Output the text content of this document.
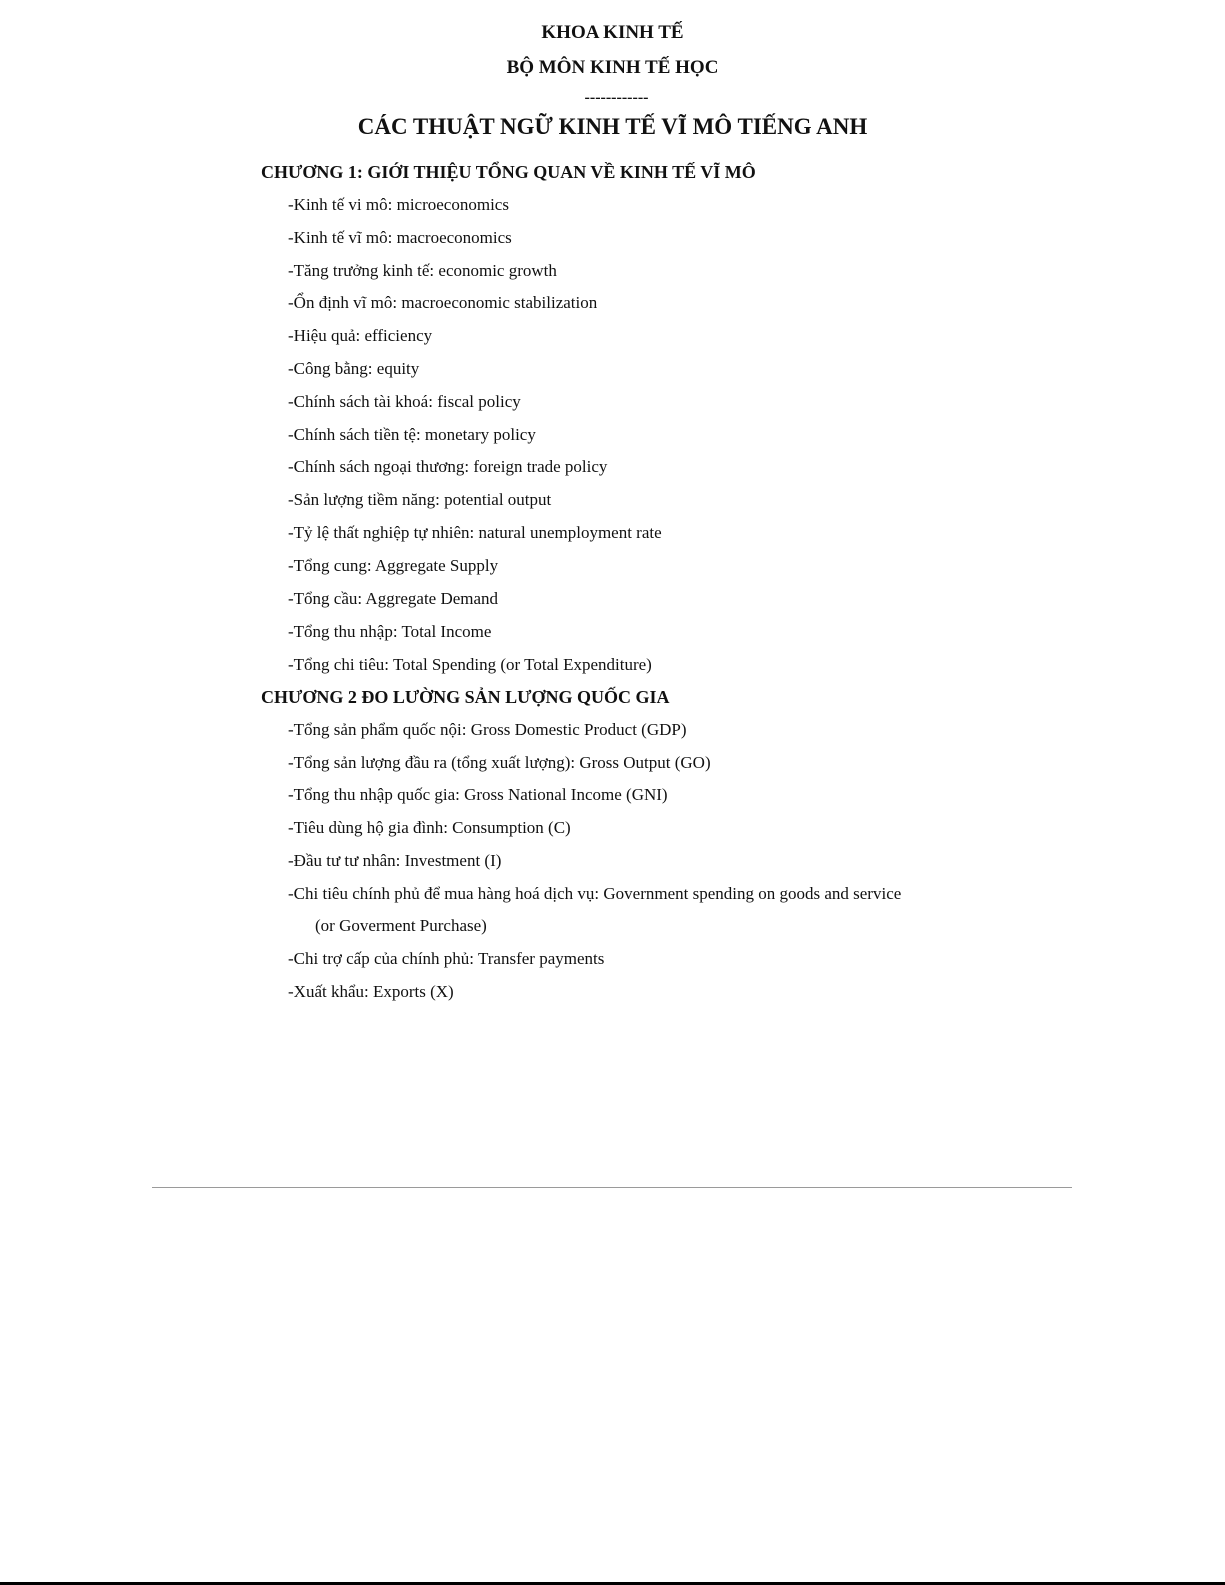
KHOA KINH TẾ
BỘ MÔN KINH TẾ HỌC
------------
CÁC THUẬT NGỮ KINH TẾ VĨ MÔ TIẾNG ANH
CHƯƠNG 1: GIỚI THIỆU TỔNG QUAN VỀ KINH TẾ VĨ MÔ
-Kinh tế vi mô: microeconomics
-Kinh tế vĩ mô: macroeconomics
-Tăng trưởng kinh tế: economic growth
-Ổn định vĩ mô: macroeconomic stabilization
-Hiệu quả: efficiency
-Công bằng: equity
-Chính sách tài khoá: fiscal policy
-Chính sách tiền tệ: monetary policy
-Chính sách ngoại thương: foreign trade policy
-Sản lượng tiềm năng: potential output
-Tỷ lệ thất nghiệp tự nhiên: natural unemployment rate
-Tổng cung: Aggregate Supply
-Tổng cầu: Aggregate Demand
-Tổng thu nhập: Total Income
-Tổng chi tiêu: Total Spending (or Total Expenditure)
CHƯƠNG 2 ĐO LƯỜNG SẢN LƯỢNG QUỐC GIA
-Tổng sản phẩm quốc nội: Gross Domestic Product (GDP)
-Tổng sản lượng đầu ra (tổng xuất lượng): Gross Output (GO)
-Tổng thu nhập quốc gia: Gross National Income (GNI)
-Tiêu dùng hộ gia đình: Consumption (C)
-Đầu tư tư nhân: Investment (I)
-Chi tiêu chính phủ để mua hàng hoá dịch vụ: Government spending on goods and service
(or Goverment Purchase)
-Chi trợ cấp của chính phủ: Transfer payments
-Xuất khẩu: Exports (X)
